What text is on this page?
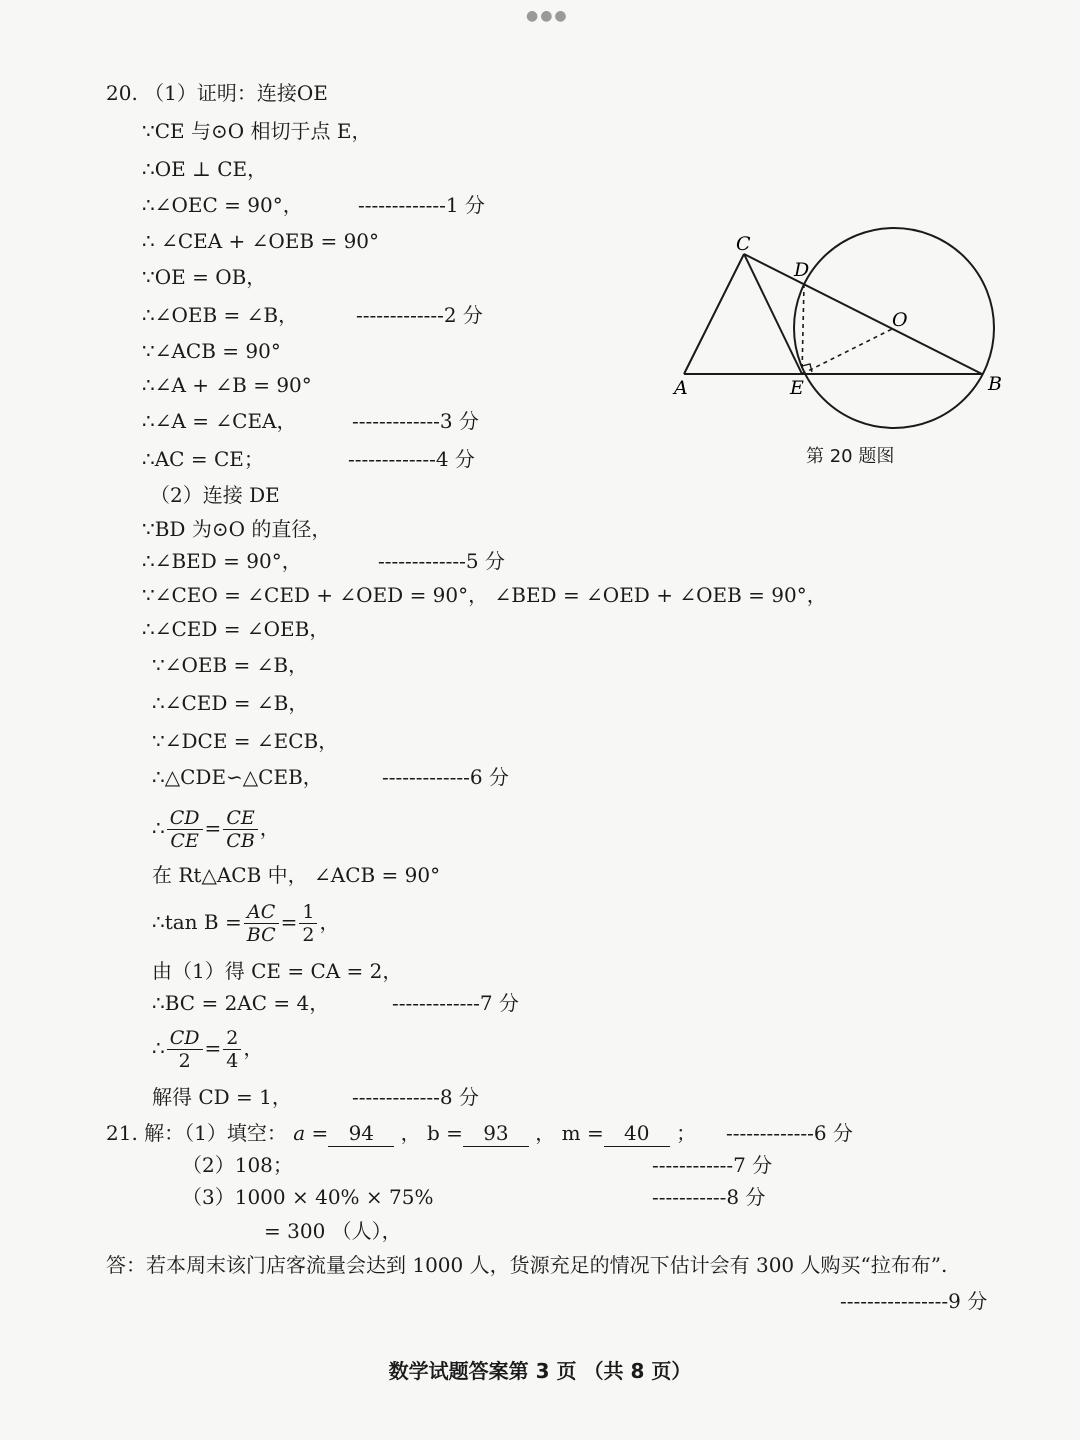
●●●
20. （1）证明：连接OE
∵CE 与⊙O 相切于点 E，
∴OE ⊥ CE，
∴∠OEC = 90°，	-------------1 分
∴ ∠CEA + ∠OEB = 90°
∵OE = OB，
∴∠OEB = ∠B，	-------------2 分
∵∠ACB = 90°
∴∠A + ∠B = 90°
∴∠A = ∠CEA，	-------------3 分
∴AC = CE；	-------------4 分
（2）连接 DE
∵BD 为⊙O 的直径，
∴∠BED = 90°，	-------------5 分
∵∠CEO = ∠CED + ∠OED = 90°， ∠BED = ∠OED + ∠OEB = 90°，
∴∠CED = ∠OEB，
∵∠OEB = ∠B，
∴∠CED = ∠B，
∵∠DCE = ∠ECB，
∴△CDE∽△CEB，	-------------6 分
∴ $\frac{CD}{CE} = \frac{CE}{CB}$ ，
在 Rt△ACB 中， ∠ACB = 90°
∴tan $B = \frac{AC}{BC} = \frac{1}{2}$ ，
由（1）得 CE = CA = 2，
∴BC = 2AC = 4，	-------------7 分
∴ $\frac{CD}{2} = \frac{2}{4}$ ，
解得 CD = 1，	-------------8 分
A	B
C
D
E
O
第 20 题图
21. 解：（1）填空： a = 94 ， b = 93 ， m = 40 ； -------------6 分
（2）108；	------------7 分
（3）1000 × 40% × 75%	-----------8 分
= 300 （人），
答：若本周末该门店客流量会达到 1000 人，货源充足的情况下估计会有 300 人购买“拉布布”.
----------------9 分
数学试题答案第 3 页 （共 8 页）
